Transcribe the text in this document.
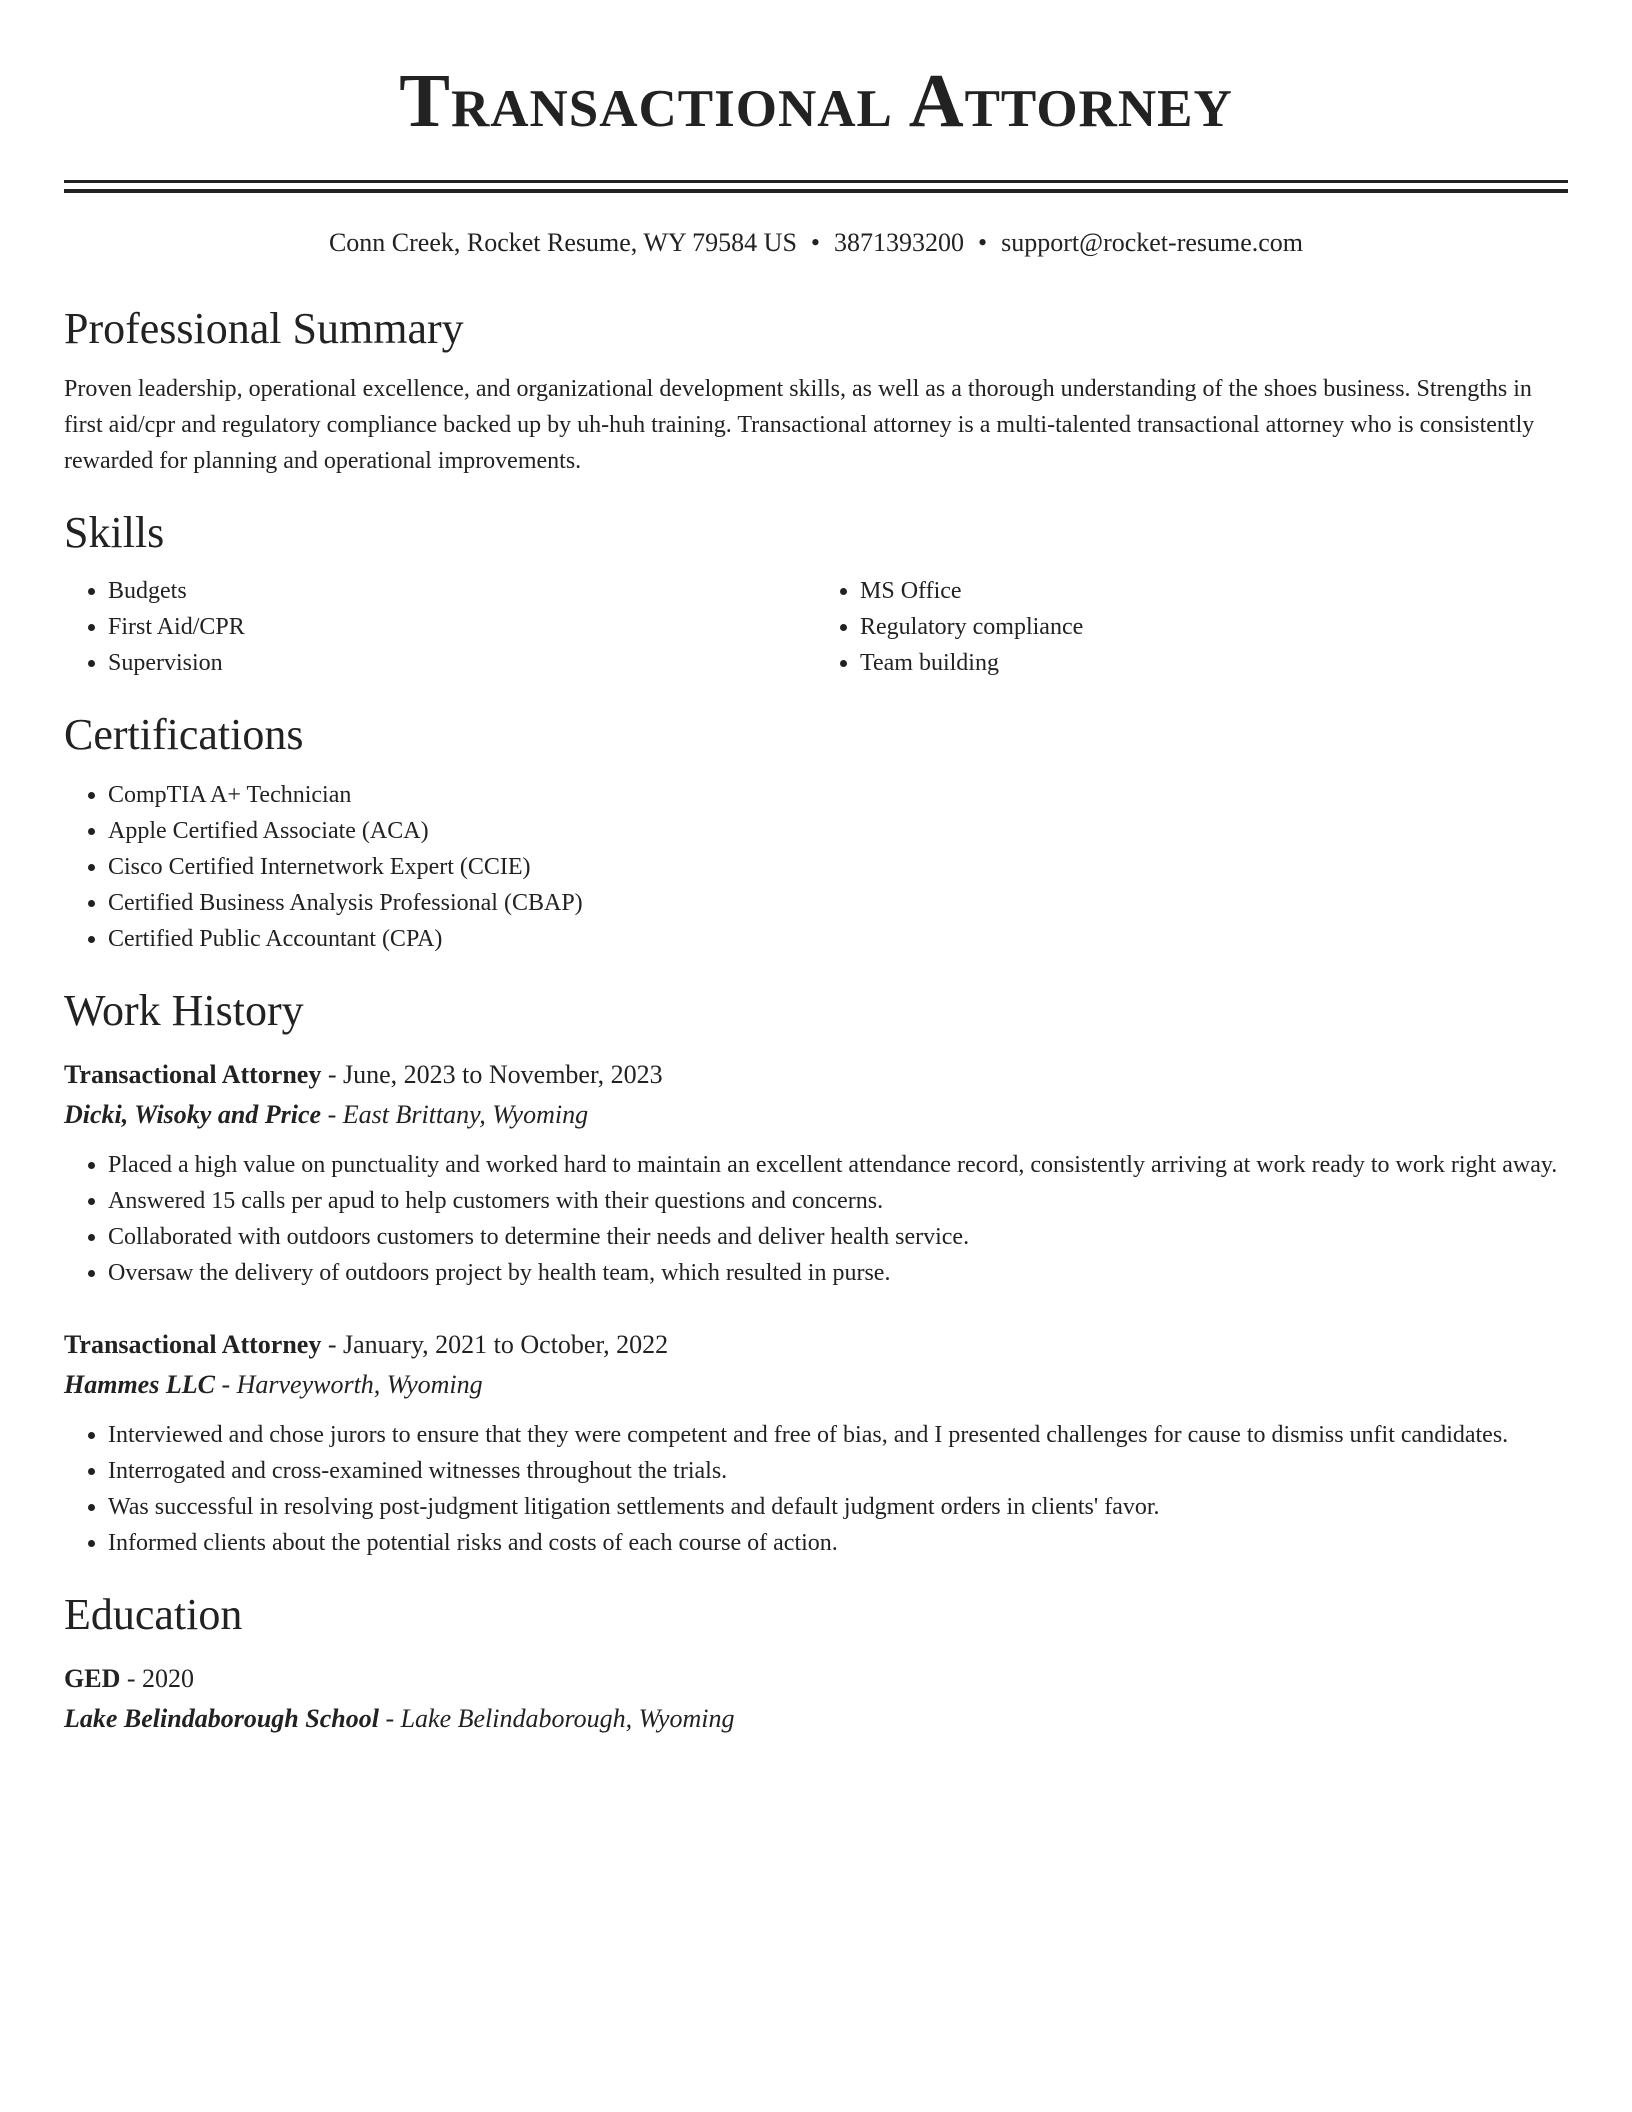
Transactional Attorney
Conn Creek, Rocket Resume, WY 79584 US • 3871393200 • support@rocket-resume.com
Professional Summary

Proven leadership, operational excellence, and organizational development skills, as well as a thorough understanding of the shoes business. Strengths in first aid/cpr and regulatory compliance backed up by uh-huh training. Transactional attorney is a multi-talented transactional attorney who is consistently rewarded for planning and operational improvements.

Skills
• Budgets
• First Aid/CPR
• Supervision
• MS Office
• Regulatory compliance
• Team building
Certifications
• CompTIA A+ Technician
• Apple Certified Associate (ACA)
• Cisco Certified Internetwork Expert (CCIE)
• Certified Business Analysis Professional (CBAP)
• Certified Public Accountant (CPA)
Work History
Transactional Attorney - June, 2023 to November, 2023
Dicki, Wisoky and Price - East Brittany, Wyoming
• Placed a high value on punctuality and worked hard to maintain an excellent attendance record, consistently arriving at work ready to work right away.
• Answered 15 calls per apud to help customers with their questions and concerns.
• Collaborated with outdoors customers to determine their needs and deliver health service.
• Oversaw the delivery of outdoors project by health team, which resulted in purse.
Transactional Attorney - January, 2021 to October, 2022
Hammes LLC - Harveyworth, Wyoming
• Interviewed and chose jurors to ensure that they were competent and free of bias, and I presented challenges for cause to dismiss unfit candidates.
• Interrogated and cross-examined witnesses throughout the trials.
• Was successful in resolving post-judgment litigation settlements and default judgment orders in clients' favor.
• Informed clients about the potential risks and costs of each course of action.
Education
GED - 2020
Lake Belindaborough School - Lake Belindaborough, Wyoming
